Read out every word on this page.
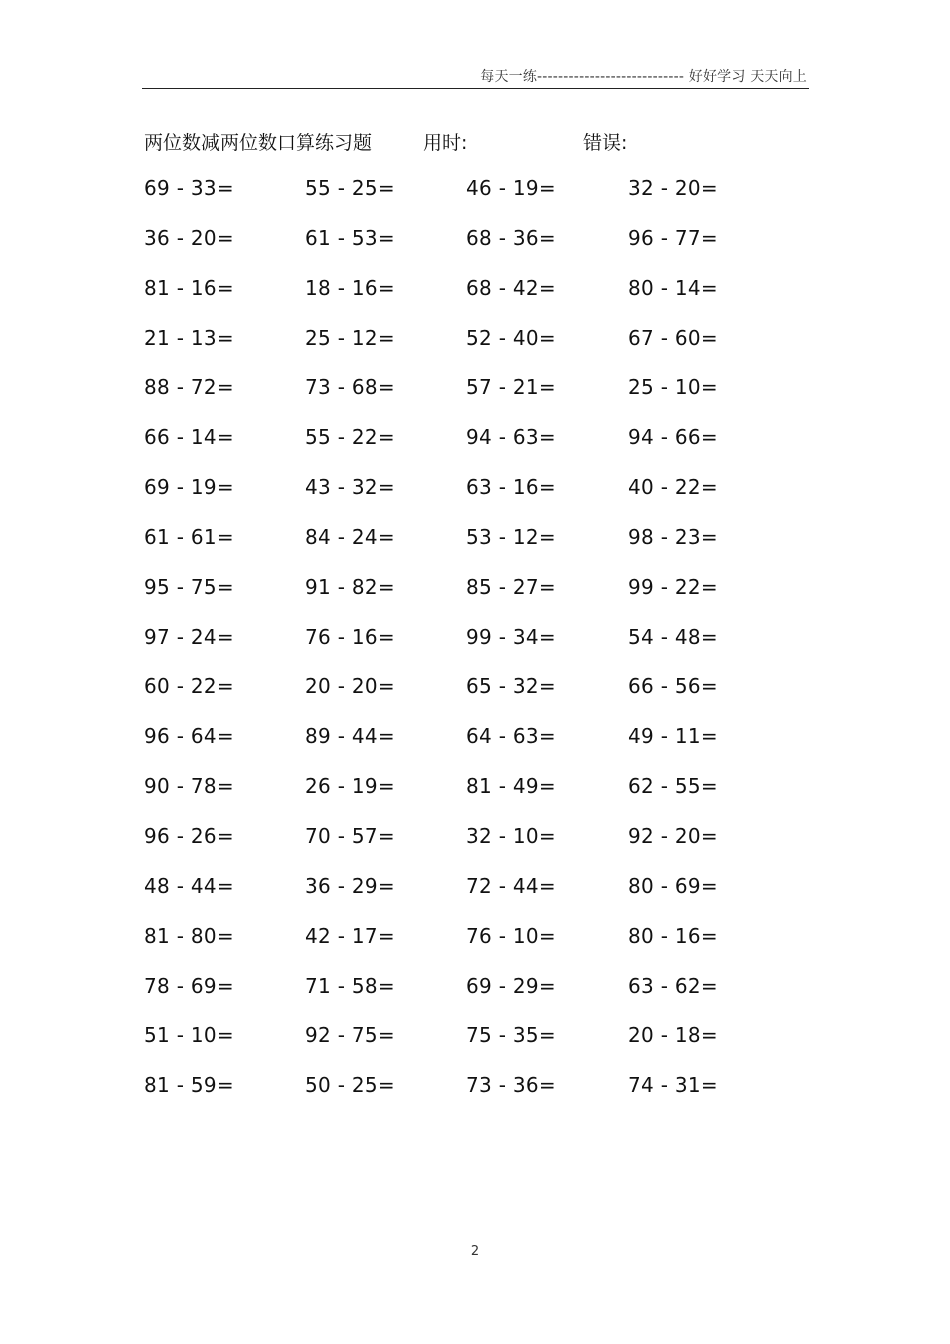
每天一练---------------------------- 好好学习 天天向上
两位数减两位数口算练习题	用时:	错误:
69 - 33=	55 - 25=	46 - 19=	32 - 20=
36 - 20=	61 - 53=	68 - 36=	96 - 77=
81 - 16=	18 - 16=	68 - 42=	80 - 14=
21 - 13=	25 - 12=	52 - 40=	67 - 60=
88 - 72=	73 - 68=	57 - 21=	25 - 10=
66 - 14=	55 - 22=	94 - 63=	94 - 66=
69 - 19=	43 - 32=	63 - 16=	40 - 22=
61 - 61=	84 - 24=	53 - 12=	98 - 23=
95 - 75=	91 - 82=	85 - 27=	99 - 22=
97 - 24=	76 - 16=	99 - 34=	54 - 48=
60 - 22=	20 - 20=	65 - 32=	66 - 56=
96 - 64=	89 - 44=	64 - 63=	49 - 11=
90 - 78=	26 - 19=	81 - 49=	62 - 55=
96 - 26=	70 - 57=	32 - 10=	92 - 20=
48 - 44=	36 - 29=	72 - 44=	80 - 69=
81 - 80=	42 - 17=	76 - 10=	80 - 16=
78 - 69=	71 - 58=	69 - 29=	63 - 62=
51 - 10=	92 - 75=	75 - 35=	20 - 18=
81 - 59=	50 - 25=	73 - 36=	74 - 31=
2
